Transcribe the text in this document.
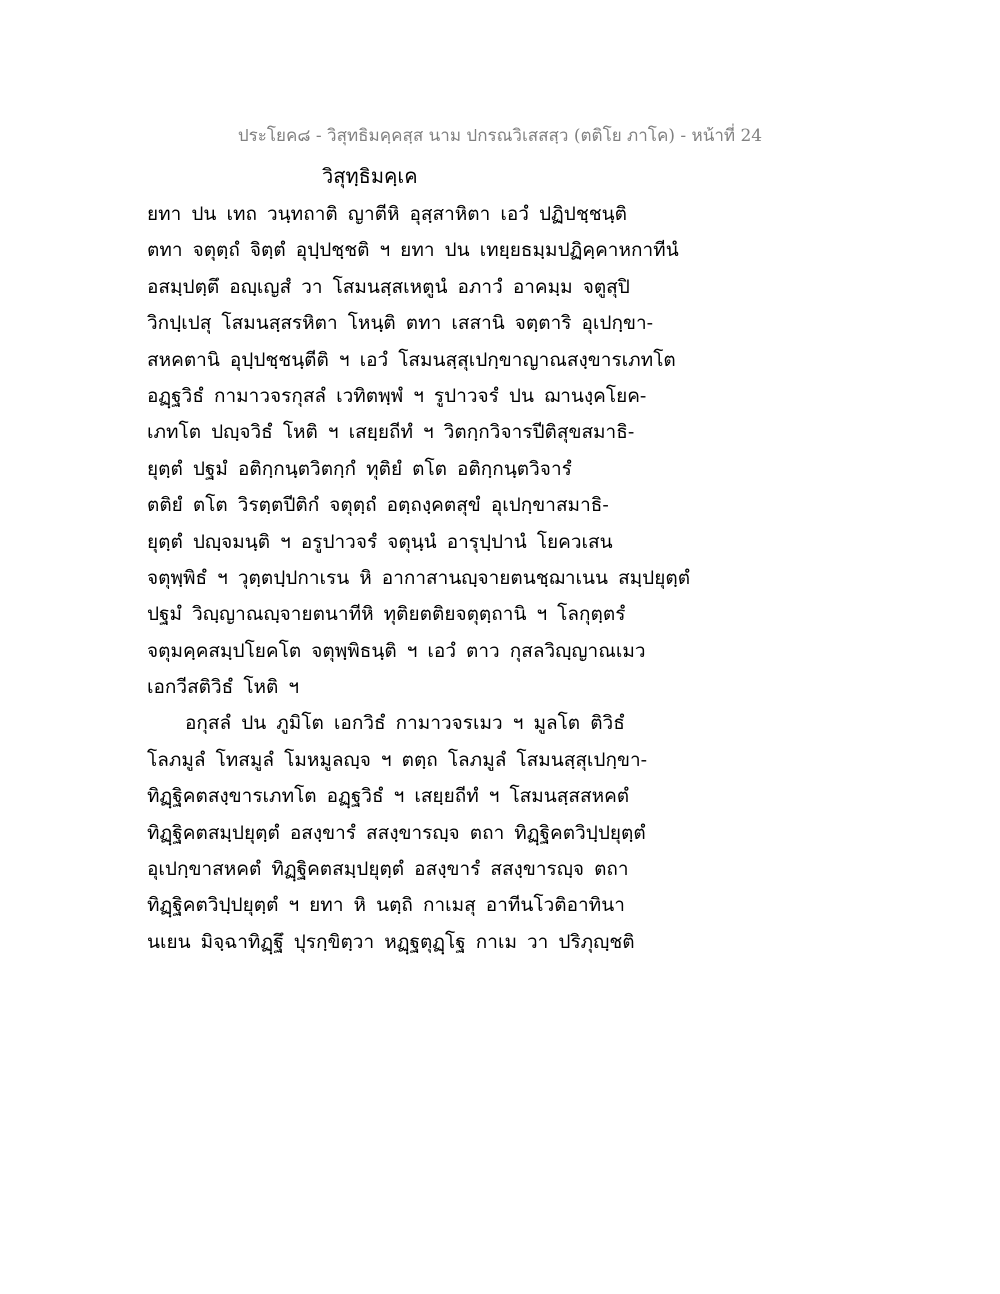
ประโยค๘ - วิสุทธิมคฺคสฺส นาม ปกรณวิเสสสฺว (ตติโย ภาโค) - หน้าที่ 24
วิสุทฺธิมคฺเค
ยทา ปน เทถ วนฺทถาติ ญาตีหิ อุสฺสาหิตา เอวํ ปฏิปชฺชนฺติ
ตทา จตุตฺถํ จิตฺตํ อุปฺปชฺชติ ฯ ยทา ปน เทยฺยธมฺมปฏิคฺคาหกาทีนํ
อสมฺปตฺตึ อญฺเญสํ วา โสมนสฺสเหตูนํ อภาวํ อาคมฺม จตูสุปิ
วิกปฺเปสุ โสมนสฺสรหิตา โหนฺติ ตทา เสสานิ จตฺตาริ อุเปกฺขา-
สหคตานิ อุปฺปชฺชนฺตีติ ฯ เอวํ โสมนสฺสุเปกฺขาญาณสงฺขารเภทโต
อฏฺฐวิธํ กามาวจรกุสลํ เวทิตพฺพํ ฯ รูปาวจรํ ปน ฌานงฺคโยค-
เภทโต ปญฺจวิธํ โหติ ฯ เสยฺยถีทํ ฯ วิตกฺกวิจารปีติสุขสมาธิ-
ยุตฺตํ ปฐมํ อติกฺกนฺตวิตกฺกํ ทุติยํ ตโต อติกฺกนฺตวิจารํ
ตติยํ ตโต วิรตฺตปีติกํ จตุตฺถํ อตฺถงฺคตสุขํ อุเปกฺขาสมาธิ-
ยุตฺตํ ปญฺจมนฺติ ฯ อรูปาวจรํ จตุนฺนํ อารุปฺปานํ โยควเสน
จตุพฺพิธํ ฯ วุตฺตปฺปกาเรน หิ อากาสานญฺจายตนชฺฌาเนน สมฺปยุตฺตํ
ปฐมํ วิญฺญาณญฺจายตนาทีหิ ทุติยตติยจตุตฺถานิ ฯ โลกุตฺตรํ
จตุมคฺคสมฺปโยคโต จตุพฺพิธนฺติ ฯ เอวํ ตาว กุสลวิญฺญาณเมว
เอกวีสติวิธํ โหติ ฯ
อกุสลํ ปน ภูมิโต เอกวิธํ กามาวจรเมว ฯ มูลโต ติวิธํ
โลภมูลํ โทสมูลํ โมหมูลญฺจ ฯ ตตฺถ โลภมูลํ โสมนสฺสุเปกฺขา-
ทิฏฺฐิคตสงฺขารเภทโต อฏฺฐวิธํ ฯ เสยฺยถีทํ ฯ โสมนสฺสสหคตํ
ทิฏฺฐิคตสมฺปยุตฺตํ อสงฺขารํ สสงฺขารญฺจ ตถา ทิฏฺฐิคตวิปฺปยุตฺตํ
อุเปกฺขาสหคตํ ทิฏฺฐิคตสมฺปยุตฺตํ อสงฺขารํ สสงฺขารญฺจ ตถา
ทิฏฺฐิคตวิปฺปยุตฺตํ ฯ ยทา หิ นตฺถิ กาเมสุ อาทีนโวติอาทินา
นเยน มิจฺฉาทิฏฺฐึ ปุรกฺขิตฺวา หฏฺฐตุฏฺโฐ กาเม วา ปริภุญฺชติ
